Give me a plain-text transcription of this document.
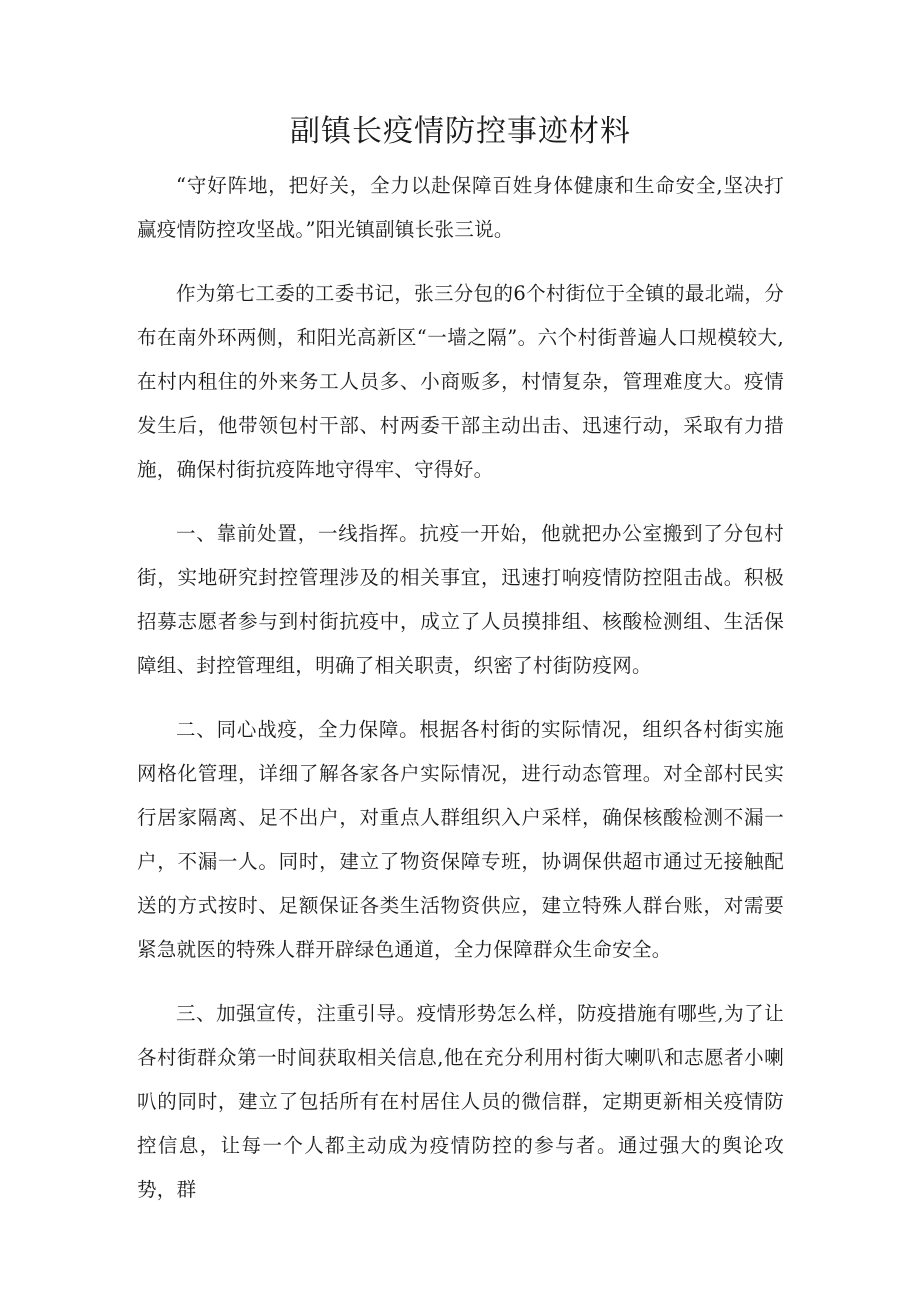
副镇长疫情防控事迹材料

“守好阵地，把好关，全力以赴保障百姓身体健康和生命安全,坚决打赢疫情防控攻坚战。”阳光镇副镇长张三说。

作为第七工委的工委书记，张三分包的6个村街位于全镇的最北端，分布在南外环两侧，和阳光高新区“一墙之隔”。六个村街普遍人口规模较大,在村内租住的外来务工人员多、小商贩多，村情复杂，管理难度大。疫情发生后，他带领包村干部、村两委干部主动出击、迅速行动，采取有力措施，确保村街抗疫阵地守得牢、守得好。

一、靠前处置，一线指挥。抗疫一开始，他就把办公室搬到了分包村街，实地研究封控管理涉及的相关事宜，迅速打响疫情防控阻击战。积极招募志愿者参与到村街抗疫中，成立了人员摸排组、核酸检测组、生活保障组、封控管理组，明确了相关职责，织密了村街防疫网。

二、同心战疫，全力保障。根据各村街的实际情况，组织各村街实施网格化管理，详细了解各家各户实际情况，进行动态管理。对全部村民实行居家隔离、足不出户，对重点人群组织入户采样，确保核酸检测不漏一户，不漏一人。同时，建立了物资保障专班，协调保供超市通过无接触配送的方式按时、足额保证各类生活物资供应，建立特殊人群台账，对需要紧急就医的特殊人群开辟绿色通道，全力保障群众生命安全。

三、加强宣传，注重引导。疫情形势怎么样，防疫措施有哪些,为了让各村街群众第一时间获取相关信息,他在充分利用村街大喇叭和志愿者小喇叭的同时，建立了包括所有在村居住人员的微信群，定期更新相关疫情防控信息，让每一个人都主动成为疫情防控的参与者。通过强大的舆论攻势，群
